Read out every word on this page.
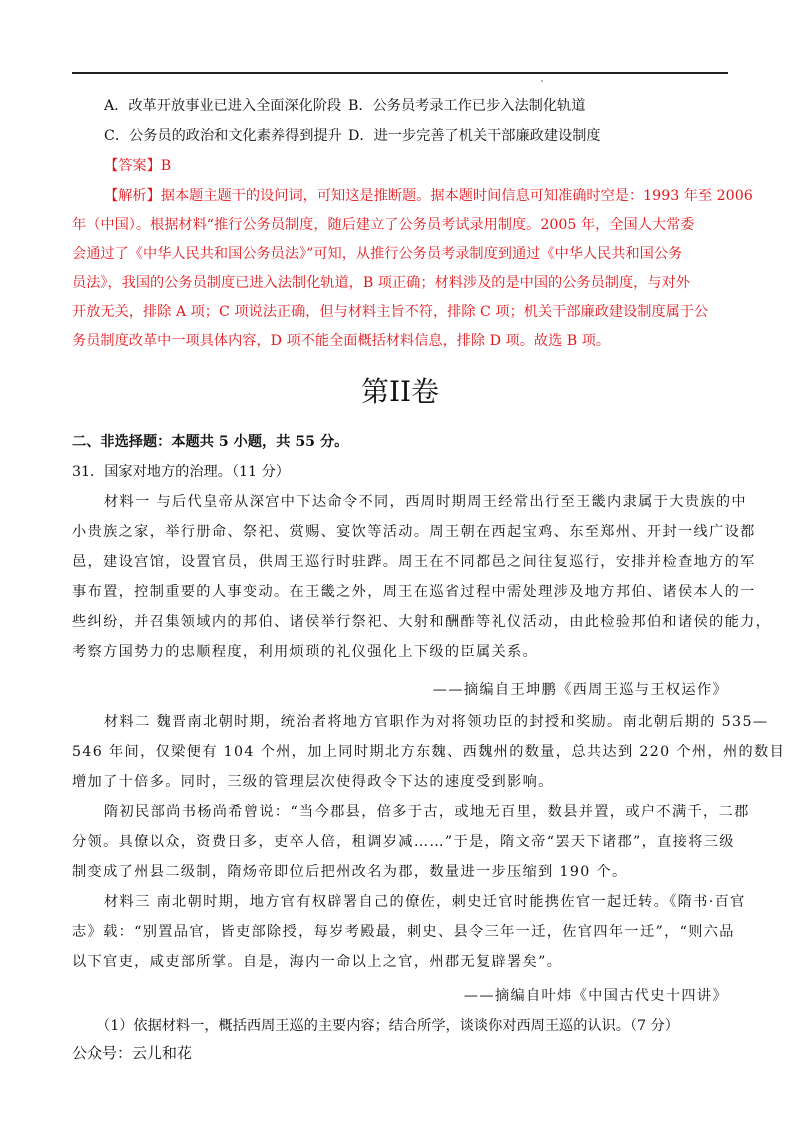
A．改革开放事业已进入全面深化阶段 B．公务员考录工作已步入法制化轨道
C．公务员的政治和文化素养得到提升 D．进一步完善了机关干部廉政建设制度
【答案】B
【解析】据本题主题干的设问词，可知这是推断题。据本题时间信息可知准确时空是：1993 年至 2006
年（中国）。根据材料“推行公务员制度，随后建立了公务员考试录用制度。2005 年，全国人大常委
会通过了《中华人民共和国公务员法》”可知，从推行公务员考录制度到通过《中华人民共和国公务
员法》，我国的公务员制度已进入法制化轨道，B 项正确；材料涉及的是中国的公务员制度，与对外
开放无关，排除 A 项；C 项说法正确，但与材料主旨不符，排除 C 项；机关干部廉政建设制度属于公
务员制度改革中一项具体内容，D 项不能全面概括材料信息，排除 D 项。故选 B 项。
第II卷
二、非选择题：本题共 5 小题，共 55 分。
31．国家对地方的治理。（11 分）
材料一 与后代皇帝从深宫中下达命令不同，西周时期周王经常出行至王畿内隶属于大贵族的中
小贵族之家，举行册命、祭祀、赏赐、宴饮等活动。周王朝在西起宝鸡、东至郑州、开封一线广设都
邑，建设宫馆，设置官员，供周王巡行时驻跸。周王在不同都邑之间往复巡行，安排并检查地方的军
事布置，控制重要的人事变动。在王畿之外，周王在巡省过程中需处理涉及地方邦伯、诸侯本人的一
些纠纷，并召集领域内的邦伯、诸侯举行祭祀、大射和酬酢等礼仪活动，由此检验邦伯和诸侯的能力，
考察方国势力的忠顺程度，利用烦琐的礼仪强化上下级的臣属关系。
——摘编自王坤鹏《西周王巡与王权运作》
材料二 魏晋南北朝时期，统治者将地方官职作为对将领功臣的封授和奖励。南北朝后期的 535—
546 年间，仅梁便有 104 个州，加上同时期北方东魏、西魏州的数量，总共达到 220 个州，州的数目
增加了十倍多。同时，三级的管理层次使得政令下达的速度受到影响。
隋初民部尚书杨尚希曾说：“当今郡县，倍多于古，或地无百里，数县并置，或户不满千，二郡
分领。具僚以众，资费日多，吏卒人倍，租调岁减……”于是，隋文帝“罢天下诸郡”，直接将三级
制变成了州县二级制，隋炀帝即位后把州改名为郡，数量进一步压缩到 190 个。
材料三 南北朝时期，地方官有权辟署自己的僚佐，刺史迁官时能携佐官一起迁转。《隋书·百官
志》载：“别置品官，皆吏部除授，每岁考殿最，刺史、县令三年一迁，佐官四年一迁”，“则六品
以下官吏，咸吏部所掌。自是，海内一命以上之官，州郡无复辟署矣”。
——摘编自叶炜《中国古代史十四讲》
（1）依据材料一，概括西周王巡的主要内容；结合所学，谈谈你对西周王巡的认识。（7 分）
公众号：云儿和花
